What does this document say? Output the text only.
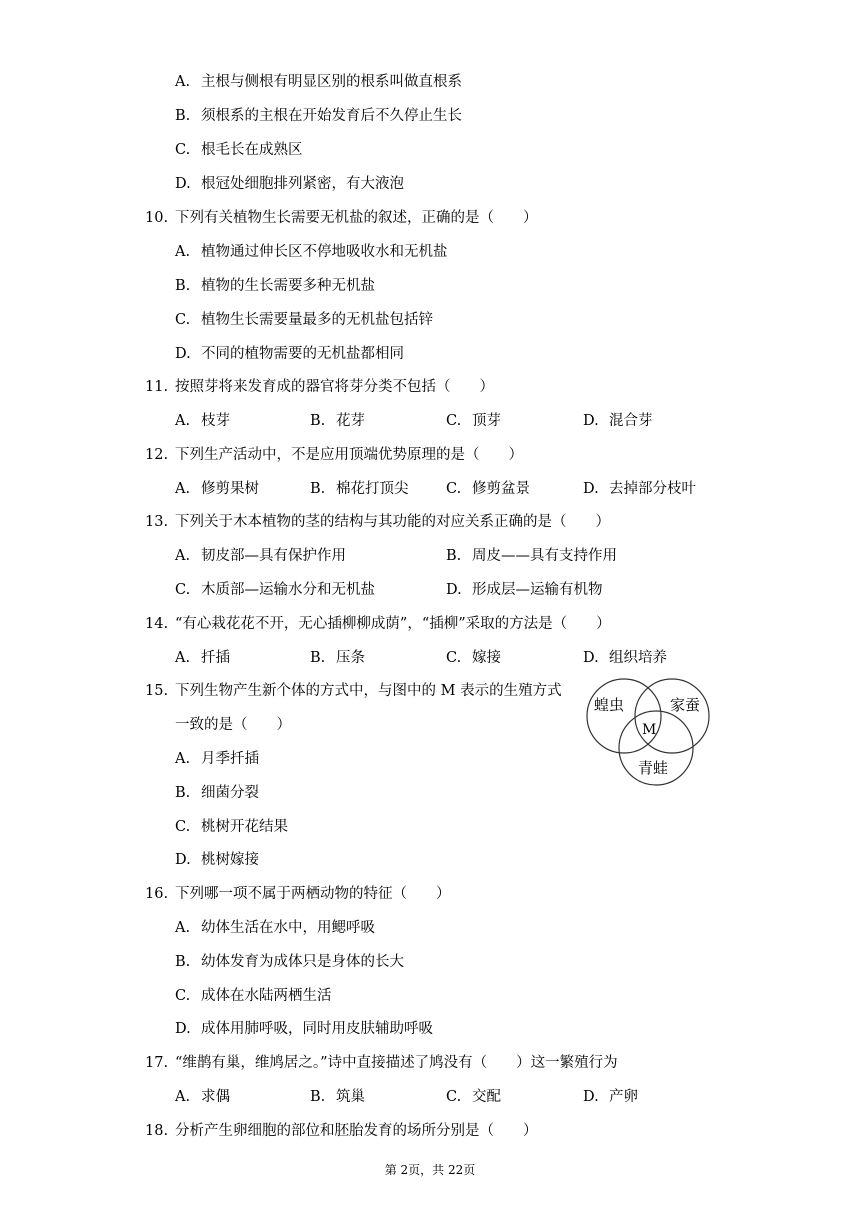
A. 主根与侧根有明显区别的根系叫做直根系
B. 须根系的主根在开始发育后不久停止生长
C. 根毛长在成熟区
D. 根冠处细胞排列紧密，有大液泡
10. 下列有关植物生长需要无机盐的叙述，正确的是（　　）
A. 植物通过伸长区不停地吸收水和无机盐
B. 植物的生长需要多种无机盐
C. 植物生长需要量最多的无机盐包括锌
D. 不同的植物需要的无机盐都相同
11. 按照芽将来发育成的器官将芽分类不包括（　　）
A. 枝芽	B. 花芽	C. 顶芽	D. 混合芽
12. 下列生产活动中，不是应用顶端优势原理的是（　　）
A. 修剪果树	B. 棉花打顶尖	C. 修剪盆景	D. 去掉部分枝叶
13. 下列关于木本植物的茎的结构与其功能的对应关系正确的是（　　）
A. 韧皮部—具有保护作用	B. 周皮——具有支持作用
C. 木质部—运输水分和无机盐	D. 形成层—运输有机物
14. “有心栽花花不开，无心插柳柳成荫”，“插柳”采取的方法是（　　）
A. 扦插	B. 压条	C. 嫁接	D. 组织培养
15. 下列生物产生新个体的方式中，与图中的 M 表示的生殖方式
一致的是（　　）
A. 月季扦插
B. 细菌分裂
C. 桃树开花结果
D. 桃树嫁接
蝗虫	家蚕
青蛙
M
16. 下列哪一项不属于两栖动物的特征（　　）
A. 幼体生活在水中，用鳃呼吸
B. 幼体发育为成体只是身体的长大
C. 成体在水陆两栖生活
D. 成体用肺呼吸，同时用皮肤辅助呼吸
17. “维鹊有巢，维鸠居之。”诗中直接描述了鸠没有（　　）这一繁殖行为
A. 求偶	B. 筑巢	C. 交配	D. 产卵
18. 分析产生卵细胞的部位和胚胎发育的场所分别是（　　）
第 2页，共 22页
